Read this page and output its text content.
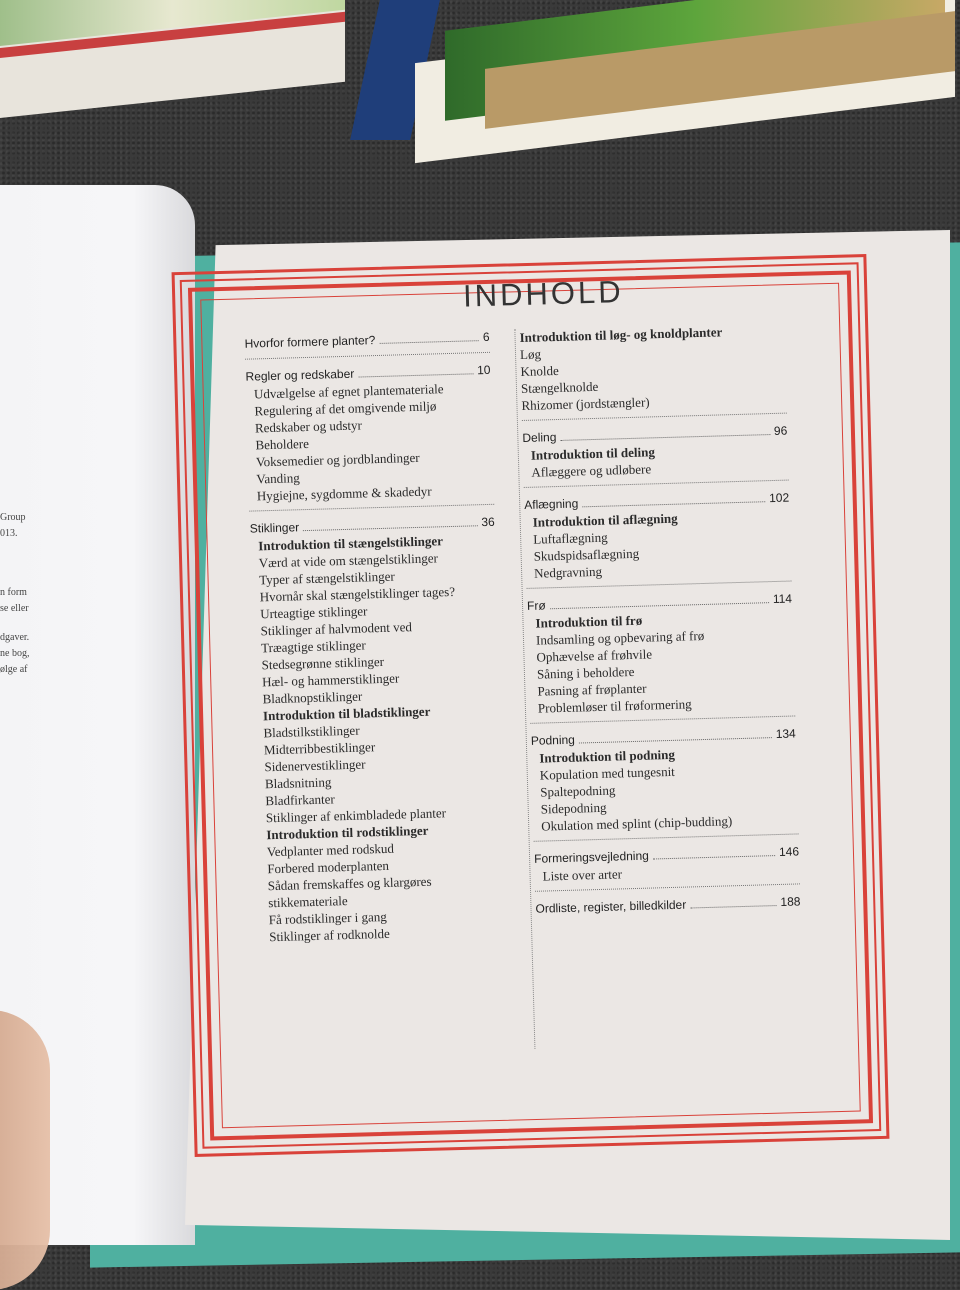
Group
013.
n form
se eller
dgaver.
ne bog,
ølge af
INDHOLD
Hvorfor formere planter?	6
Regler og redskaber	10
Udvælgelse af egnet plantemateriale
Regulering af det omgivende miljø
Redskaber og udstyr
Beholdere
Voksemedier og jordblandinger
Vanding
Hygiejne, sygdomme & skadedyr
Stiklinger	36
Introduktion til stængelstiklinger
Værd at vide om stængelstiklinger
Typer af stængelstiklinger
Hvornår skal stængelstiklinger tages?
Urteagtige stiklinger
Stiklinger af halvmodent ved
Træagtige stiklinger
Stedsegrønne stiklinger
Hæl- og hammerstiklinger
Bladknopstiklinger
Introduktion til bladstiklinger
Bladstilkstiklinger
Midterribbestiklinger
Sidenervestiklinger
Bladsnitning
Bladfirkanter
Stiklinger af enkimbladede planter
Introduktion til rodstiklinger
Vedplanter med rodskud
Forbered moderplanten
Sådan fremskaffes og klargøres
stikkemateriale
Få rodstiklinger i gang
Stiklinger af rodknolde
Introduktion til løg- og knoldplanter
Løg
Knolde
Stængelknolde
Rhizomer (jordstængler)
Deling	96
Introduktion til deling
Aflæggere og udløbere
Aflægning	102
Introduktion til aflægning
Luftaflægning
Skudspidsaflægning
Nedgravning
Frø	114
Introduktion til frø
Indsamling og opbevaring af frø
Ophævelse af frøhvile
Såning i beholdere
Pasning af frøplanter
Problemløser til frøformering
Podning	134
Introduktion til podning
Kopulation med tungesnit
Spaltepodning
Sidepodning
Okulation med splint (chip-budding)
Formeringsvejledning	146
Liste over arter
Ordliste, register, billedkilder	188
